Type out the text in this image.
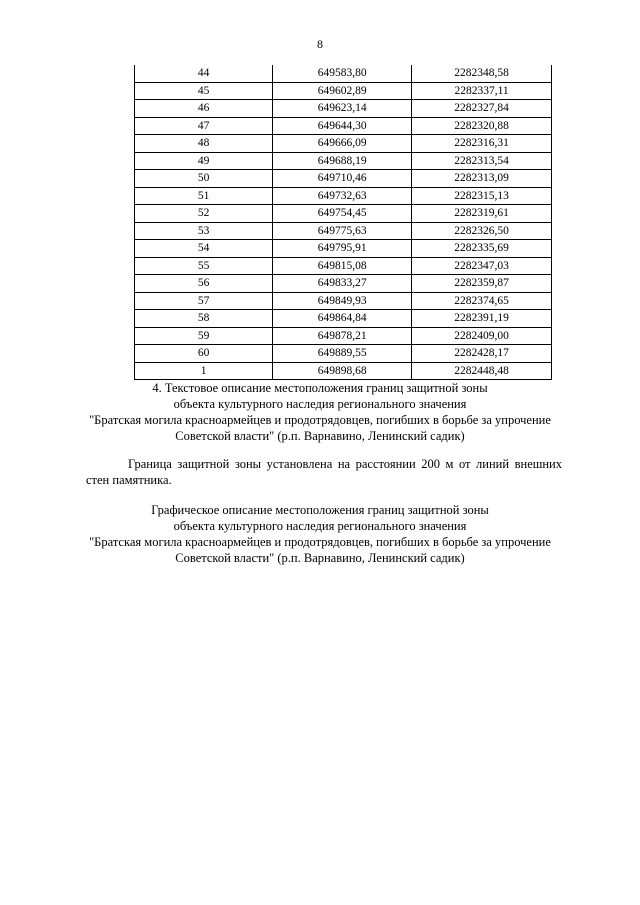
8
44	649583,80	2282348,58
45	649602,89	2282337,11
46	649623,14	2282327,84
47	649644,30	2282320,88
48	649666,09	2282316,31
49	649688,19	2282313,54
50	649710,46	2282313,09
51	649732,63	2282315,13
52	649754,45	2282319,61
53	649775,63	2282326,50
54	649795,91	2282335,69
55	649815,08	2282347,03
56	649833,27	2282359,87
57	649849,93	2282374,65
58	649864,84	2282391,19
59	649878,21	2282409,00
60	649889,55	2282428,17
1	649898,68	2282448,48
4. Текстовое описание местоположения границ защитной зоны
объекта культурного наследия регионального значения
"Братская могила красноармейцев и продотрядовцев, погибших в борьбе за упрочение
Советской власти" (р.п. Варнавино, Ленинский садик)
Граница защитной зоны установлена на расстоянии 200 м от линий внешних стен памятника.
Графическое описание местоположения границ защитной зоны
объекта культурного наследия регионального значения
"Братская могила красноармейцев и продотрядовцев, погибших в борьбе за упрочение
Советской власти" (р.п. Варнавино, Ленинский садик)
